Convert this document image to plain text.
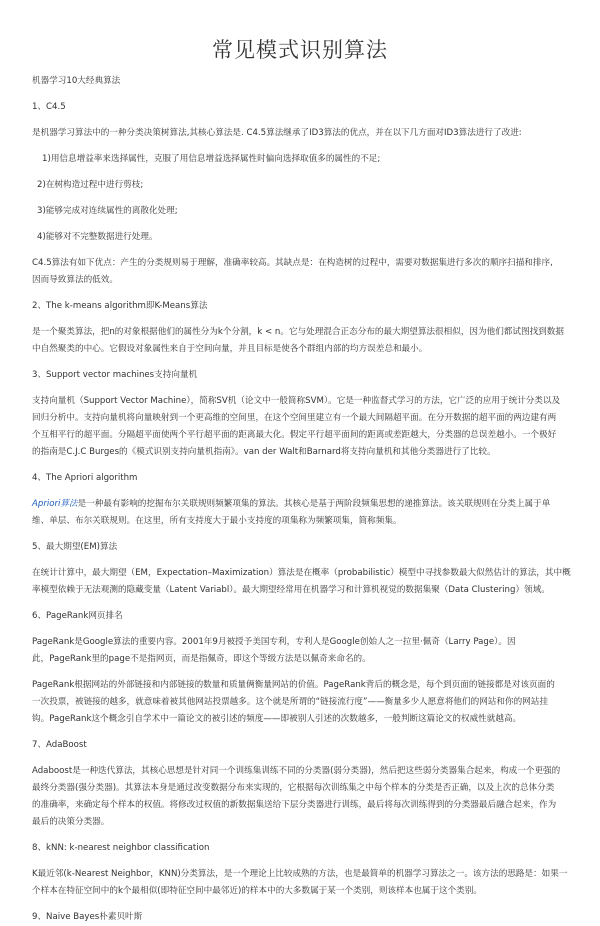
常见模式识别算法

机器学习10大经典算法

1、C4.5

是机器学习算法中的一种分类决策树算法,其核心算法是. C4.5算法继承了ID3算法的优点，并在以下几方面对ID3算法进行了改进:

1)用信息增益率来选择属性，克服了用信息增益选择属性时偏向选择取值多的属性的不足;

2)在树构造过程中进行剪枝;

3)能够完成对连续属性的离散化处理;

4)能够对不完整数据进行处理。

C4.5算法有如下优点：产生的分类规则易于理解，准确率较高。其缺点是：在构造树的过程中，需要对数据集进行多次的顺序扫描和排序,

因而导致算法的低效。

2、The k-means algorithm即K-Means算法

是一个聚类算法，把n的对象根据他们的属性分为k个分割，k < n。它与处理混合正态分布的最大期望算法很相似，因为他们都试图找到数据

中自然聚类的中心。它假设对象属性来自于空间向量，并且目标是使各个群组内部的均方误差总和最小。

3、Support vector machines支持向量机

支持向量机（Support Vector Machine），简称SV机（论文中一般简称SVM）。它是一种监督式学习的方法，它广泛的应用于统计分类以及

回归分析中。支持向量机将向量映射到一个更高维的空间里，在这个空间里建立有一个最大间隔超平面。在分开数据的超平面的两边建有两

个互相平行的超平面。分隔超平面使两个平行超平面的距离最大化。假定平行超平面间的距离或差距越大，分类器的总误差越小。一个极好

的指南是C.J.C Burges的《模式识别支持向量机指南》。van der Walt和Barnard将支持向量机和其他分类器进行了比较。

4、The Apriori algorithm

Apriori算法是一种最有影响的挖掘布尔关联规则频繁项集的算法。其核心是基于两阶段频集思想的递推算法。该关联规则在分类上属于单

维、单层、布尔关联规则。在这里，所有支持度大于最小支持度的项集称为频繁项集，简称频集。

5、最大期望(EM)算法

在统计计算中，最大期望（EM，Expectation–Maximization）算法是在概率（probabilistic）模型中寻找参数最大似然估计的算法，其中概

率模型依赖于无法观测的隐藏变量（Latent Variabl）。最大期望经常用在机器学习和计算机视觉的数据集聚（Data Clustering）领域。

6、PageRank网页排名

PageRank是Google算法的重要内容。2001年9月被授予美国专利，专利人是Google创始人之一拉里·佩奇（Larry Page）。因

此，PageRank里的page不是指网页，而是指佩奇，即这个等级方法是以佩奇来命名的。

PageRank根据网站的外部链接和内部链接的数量和质量俩衡量网站的价值。PageRank背后的概念是，每个到页面的链接都是对该页面的

一次投票，被链接的越多，就意味着被其他网站投票越多。这个就是所谓的“链接流行度”——衡量多少人愿意将他们的网站和你的网站挂

钩。PageRank这个概念引自学术中一篇论文的被引述的频度——即被别人引述的次数越多，一般判断这篇论文的权威性就越高。

7、AdaBoost

Adaboost是一种迭代算法，其核心思想是针对同一个训练集训练不同的分类器(弱分类器)，然后把这些弱分类器集合起来，构成一个更强的

最终分类器(强分类器)。其算法本身是通过改变数据分布来实现的，它根据每次训练集之中每个样本的分类是否正确，以及上次的总体分类

的准确率，来确定每个样本的权值。将修改过权值的新数据集送给下层分类器进行训练，最后将每次训练得到的分类器最后融合起来，作为

最后的决策分类器。

8、kNN: k-nearest neighbor classification

K最近邻(k-Nearest Neighbor，KNN)分类算法，是一个理论上比较成熟的方法，也是最简单的机器学习算法之一。该方法的思路是：如果一

个样本在特征空间中的k个最相似(即特征空间中最邻近)的样本中的大多数属于某一个类别，则该样本也属于这个类别。

9、Naive Bayes朴素贝叶斯
